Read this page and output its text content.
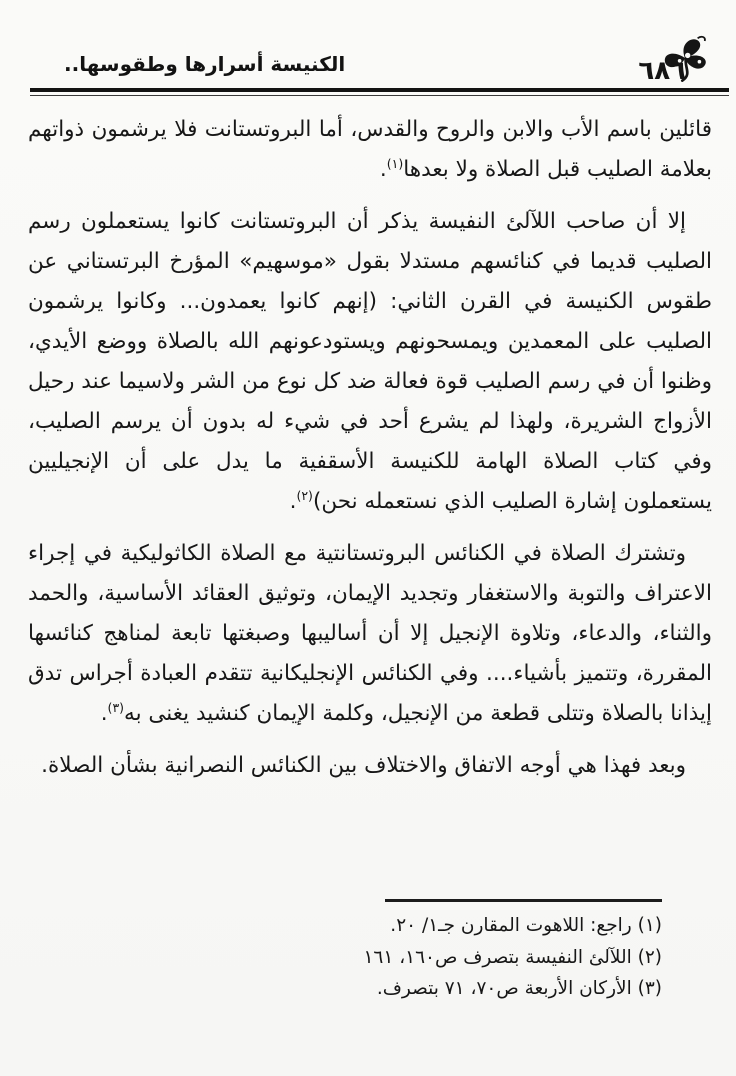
الكنيسة أسرارها وطقوسها..	٦٨٦

قائلين باسم الأب والابن والروح والقدس، أما البروتستانت فلا يرشمون ذواتهم بعلامة الصليب قبل الصلاة ولا بعدها$^{(١)}$.

إلا أن صاحب اللآلئ النفيسة يذكر أن البروتستانت كانوا يستعملون رسم الصليب قديما في كنائسهم مستدلا بقول «موسهيم» المؤرخ البرتستاني عن طقوس الكنيسة في القرن الثاني: (إنهم كانوا يعمدون... وكانوا يرشمون الصليب على المعمدين ويمسحونهم ويستودعونهم الله بالصلاة ووضع الأيدي، وظنوا أن في رسم الصليب قوة فعالة ضد كل نوع من الشر ولاسيما عند رحيل الأزواج الشريرة، ولهذا لم يشرع أحد في شيء له بدون أن يرسم الصليب، وفي كتاب الصلاة الهامة للكنيسة الأسقفية ما يدل على أن الإنجيليين يستعملون إشارة الصليب الذي نستعمله نحن)$^{(٢)}$.

وتشترك الصلاة في الكنائس البروتستانتية مع الصلاة الكاثوليكية في إجراء الاعتراف والتوبة والاستغفار وتجديد الإيمان، وتوثيق العقائد الأساسية، والحمد والثناء، والدعاء، وتلاوة الإنجيل إلا أن أساليبها وصبغتها تابعة لمناهج كنائسها المقررة، وتتميز بأشياء.... وفي الكنائس الإنجليكانية تتقدم العبادة أجراس تدق إيذانا بالصلاة وتتلى قطعة من الإنجيل، وكلمة الإيمان كنشيد يغنى به$^{(٣)}$.

وبعد فهذا هي أوجه الاتفاق والاختلاف بين الكنائس النصرانية بشأن الصلاة.

(١) راجع: اللاهوت المقارن جـ١/ ٢٠.
(٢) اللآلئ النفيسة بتصرف ص١٦٠، ١٦١
(٣) الأركان الأربعة ص٧٠، ٧١ بتصرف.
